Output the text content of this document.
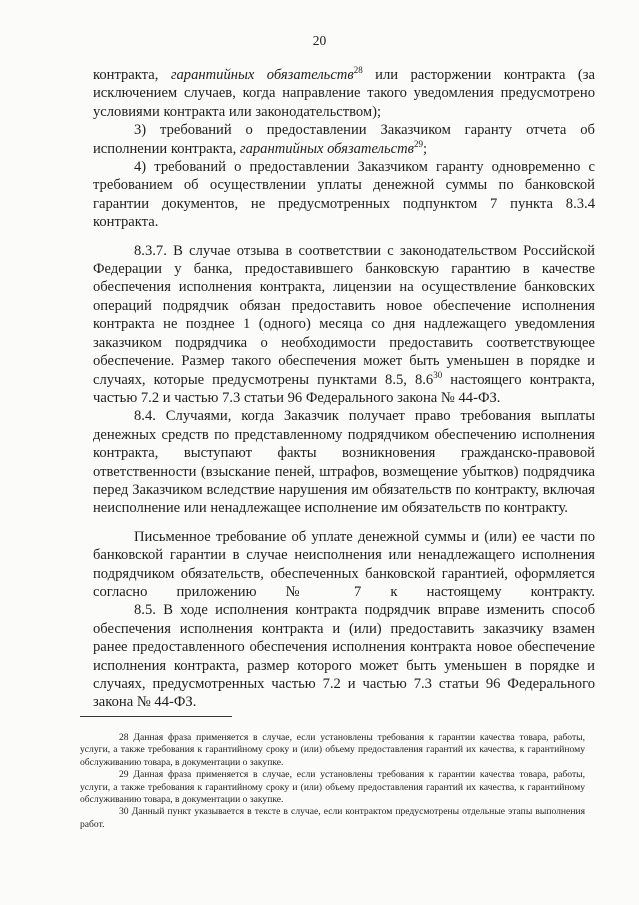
20

контракта, гарантийных обязательств$^{28}$ или расторжении контракта (за исключением случаев, когда направление такого уведомления предусмотрено условиями контракта или законодательством);

3) требований о предоставлении Заказчиком гаранту отчета об исполнении контракта, гарантийных обязательств$^{29}$;

4) требований о предоставлении Заказчиком гаранту одновременно с требованием об осуществлении уплаты денежной суммы по банковской гарантии документов, не предусмотренных подпунктом 7 пункта 8.3.4 контракта.

8.3.7. В случае отзыва в соответствии с законодательством Российской Федерации у банка, предоставившего банковскую гарантию в качестве обеспечения исполнения контракта, лицензии на осуществление банковских операций подрядчик обязан предоставить новое обеспечение исполнения контракта не позднее 1 (одного) месяца со дня надлежащего уведомления заказчиком подрядчика о необходимости предоставить соответствующее обеспечение. Размер такого обеспечения может быть уменьшен в порядке и случаях, которые предусмотрены пунктами 8.5, $8.6^{30}$ настоящего контракта, частью 7.2 и частью 7.3 статьи 96 Федерального закона № 44-ФЗ.

8.4. Случаями, когда Заказчик получает право требования выплаты денежных средств по представленному подрядчиком обеспечению исполнения контракта, выступают факты возникновения гражданско-правовой ответственности (взыскание пеней, штрафов, возмещение убытков) подрядчика перед Заказчиком вследствие нарушения им обязательств по контракту, включая неисполнение или ненадлежащее исполнение им обязательств по контракту.

Письменное требование об уплате денежной суммы и (или) ее части по банковской гарантии в случае неисполнения или ненадлежащего исполнения подрядчиком обязательств, обеспеченных банковской гарантией, оформляется согласно приложению № 7 к настоящему контракту.

8.5. В ходе исполнения контракта подрядчик вправе изменить способ обеспечения исполнения контракта и (или) предоставить заказчику взамен ранее предоставленного обеспечения исполнения контракта новое обеспечение исполнения контракта, размер которого может быть уменьшен в порядке и случаях, предусмотренных частью 7.2 и частью 7.3 статьи 96 Федерального закона № 44-ФЗ.

28 Данная фраза применяется в случае, если установлены требования к гарантии качества товара, работы, услуги, а также требования к гарантийному сроку и (или) объему предоставления гарантий их качества, к гарантийному обслуживанию товара, в документации о закупке.

29 Данная фраза применяется в случае, если установлены требования к гарантии качества товара, работы, услуги, а также требования к гарантийному сроку и (или) объему предоставления гарантий их качества, к гарантийному обслуживанию товара, в документации о закупке.

30 Данный пункт указывается в тексте в случае, если контрактом предусмотрены отдельные этапы выполнения работ.
